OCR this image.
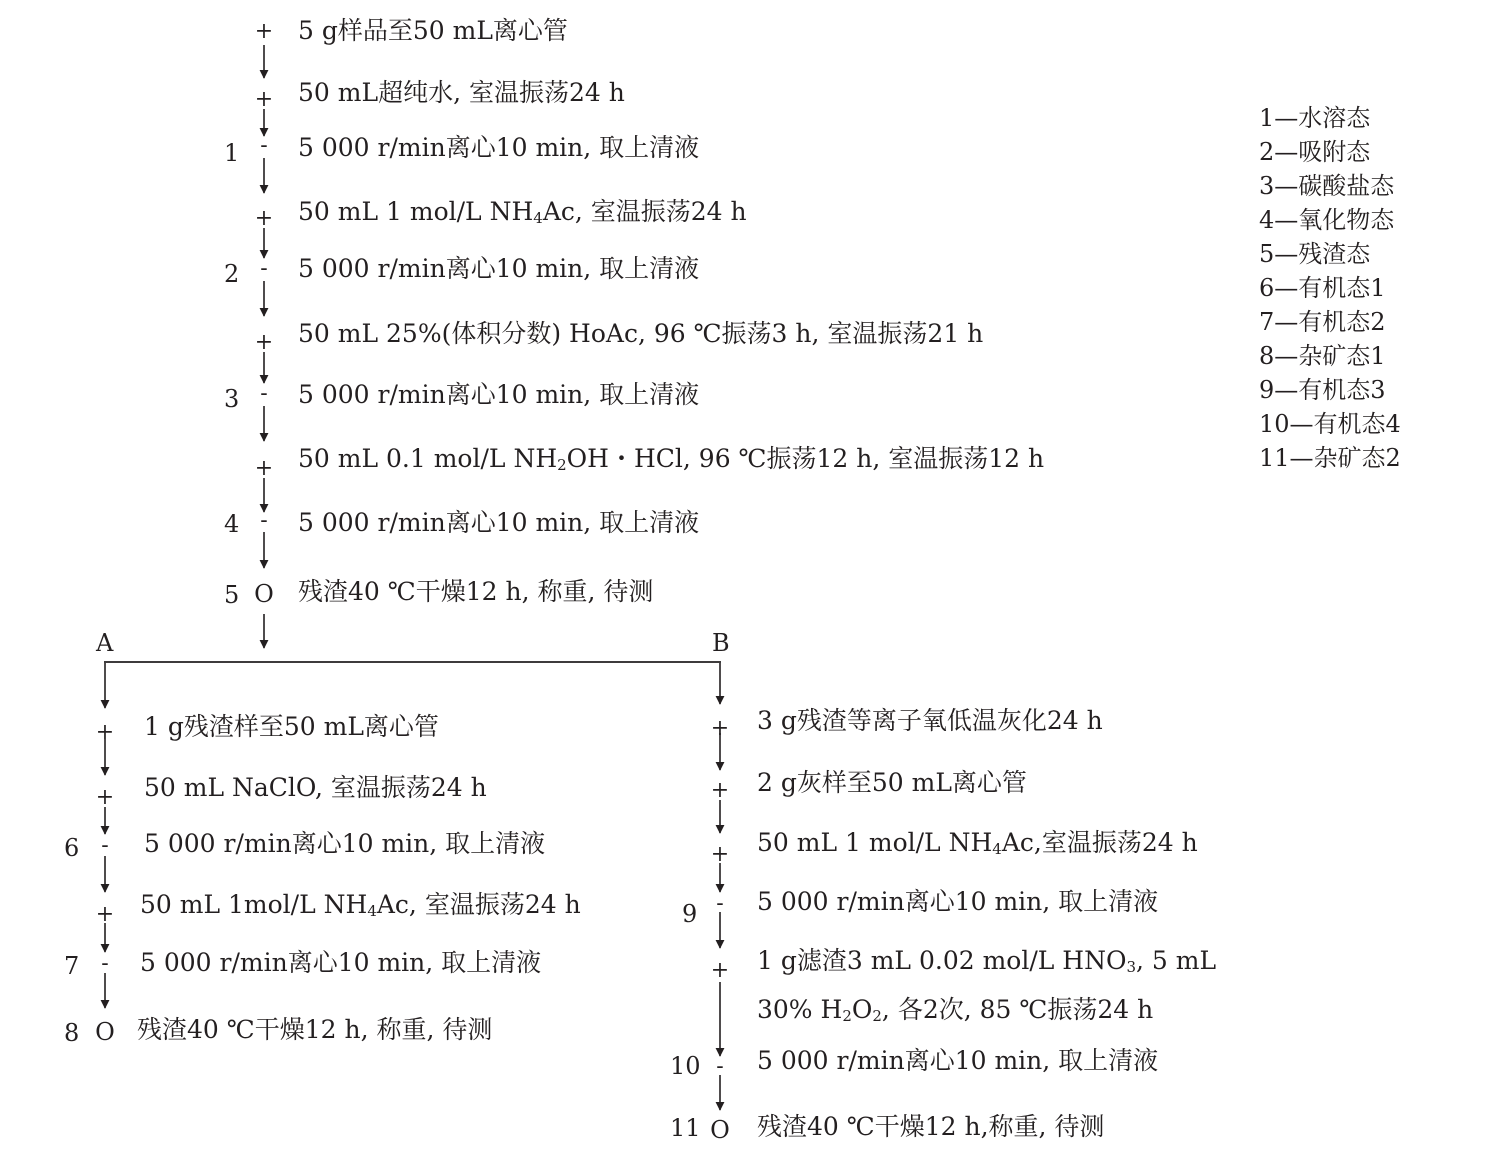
+ 5 g样品至50 mL离心管
+ 50 mL超纯水, 室温振荡24 h
1 - 5 000 r/min离心10 min, 取上清液
+ 50 mL 1 mol/L $NH_4Ac$, 室温振荡24 h
2 - 5 000 r/min离心10 min, 取上清液
+ 50 mL 25%(体积分数) HoAc, 96 ℃振荡3 h, 室温振荡21 h
3 - 5 000 r/min离心10 min, 取上清液
+ 50 mL 0.1 mol/L $NH_2OH$・HCl, 96 ℃振荡12 h, 室温振荡12 h
4 - 5 000 r/min离心10 min, 取上清液
5 O 残渣40 ℃干燥12 h, 称重, 待测
A	B
+ 1 g残渣样至50 mL离心管
+ 50 mL NaClO, 室温振荡24 h
6 - 5 000 r/min离心10 min, 取上清液
+ 50 mL 1mol/L $NH_4Ac$, 室温振荡24 h
7 - 5 000 r/min离心10 min, 取上清液
8 O 残渣40 ℃干燥12 h, 称重, 待测
+ 3 g残渣等离子氧低温灰化24 h
+ 2 g灰样至50 mL离心管
+ 50 mL 1 mol/L $NH_4Ac$,室温振荡24 h
9 - 5 000 r/min离心10 min, 取上清液
+ 1 g滤渣3 mL 0.02 mol/L $HNO_3$, 5 mL
30% $H_2O_2$, 各2次, 85 ℃振荡24 h
10 - 5 000 r/min离心10 min, 取上清液
11 O 残渣40 ℃干燥12 h,称重, 待测
1—水溶态
2—吸附态
3—碳酸盐态
4—氧化物态
5—残渣态
6—有机态1
7—有机态2
8—杂矿态1
9—有机态3
10—有机态4
11—杂矿态2
